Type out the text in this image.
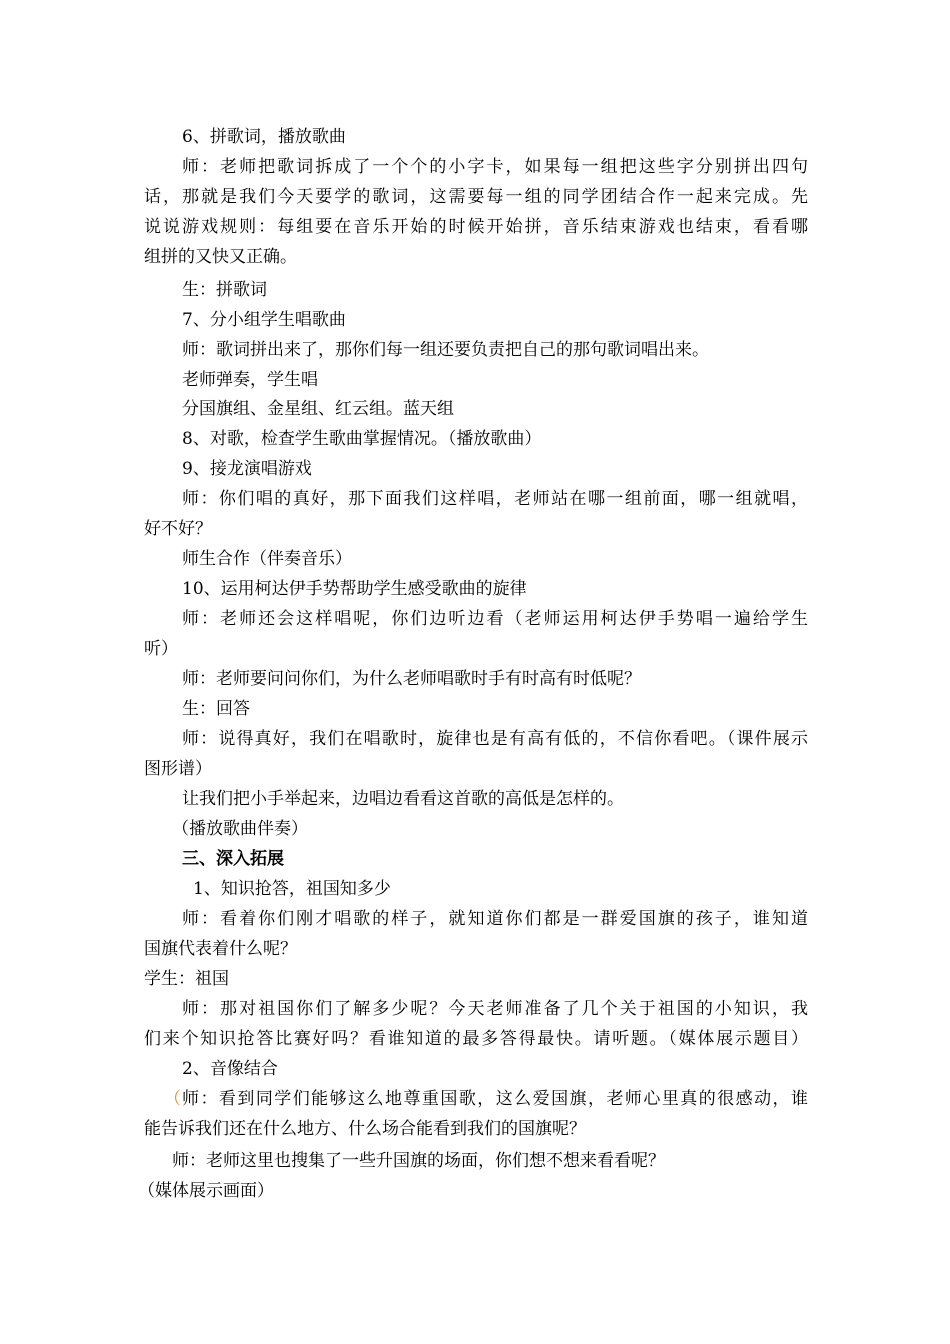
6、拼歌词，播放歌曲
师：老师把歌词拆成了一个个的小字卡，如果每一组把这些字分别拼出四句
话，那就是我们今天要学的歌词，这需要每一组的同学团结合作一起来完成。先
说说游戏规则：每组要在音乐开始的时候开始拼，音乐结束游戏也结束，看看哪
组拼的又快又正确。
生：拼歌词
7、分小组学生唱歌曲
师：歌词拼出来了，那你们每一组还要负责把自己的那句歌词唱出来。
老师弹奏，学生唱
分国旗组、金星组、红云组。蓝天组
8、对歌，检查学生歌曲掌握情况。（播放歌曲）
9、接龙演唱游戏
师：你们唱的真好，那下面我们这样唱，老师站在哪一组前面，哪一组就唱，
好不好？
师生合作（伴奏音乐）
10、运用柯达伊手势帮助学生感受歌曲的旋律
师：老师还会这样唱呢，你们边听边看（老师运用柯达伊手势唱一遍给学生
听）
师：老师要问问你们，为什么老师唱歌时手有时高有时低呢？
生：回答
师：说得真好，我们在唱歌时，旋律也是有高有低的，不信你看吧。（课件展示
图形谱）
让我们把小手举起来，边唱边看看这首歌的高低是怎样的。
（播放歌曲伴奏）
三、深入拓展
1、知识抢答，祖国知多少
师：看着你们刚才唱歌的样子，就知道你们都是一群爱国旗的孩子，谁知道
国旗代表着什么呢？
学生：祖国
师：那对祖国你们了解多少呢？今天老师准备了几个关于祖国的小知识，我
们来个知识抢答比赛好吗？看谁知道的最多答得最快。请听题。（媒体展示题目）
2、音像结合
（ 师：看到同学们能够这么地尊重国歌，这么爱国旗，老师心里真的很感动，谁
能告诉我们还在什么地方、什么场合能看到我们的国旗呢？
师：老师这里也搜集了一些升国旗的场面，你们想不想来看看呢？
（媒体展示画面）
